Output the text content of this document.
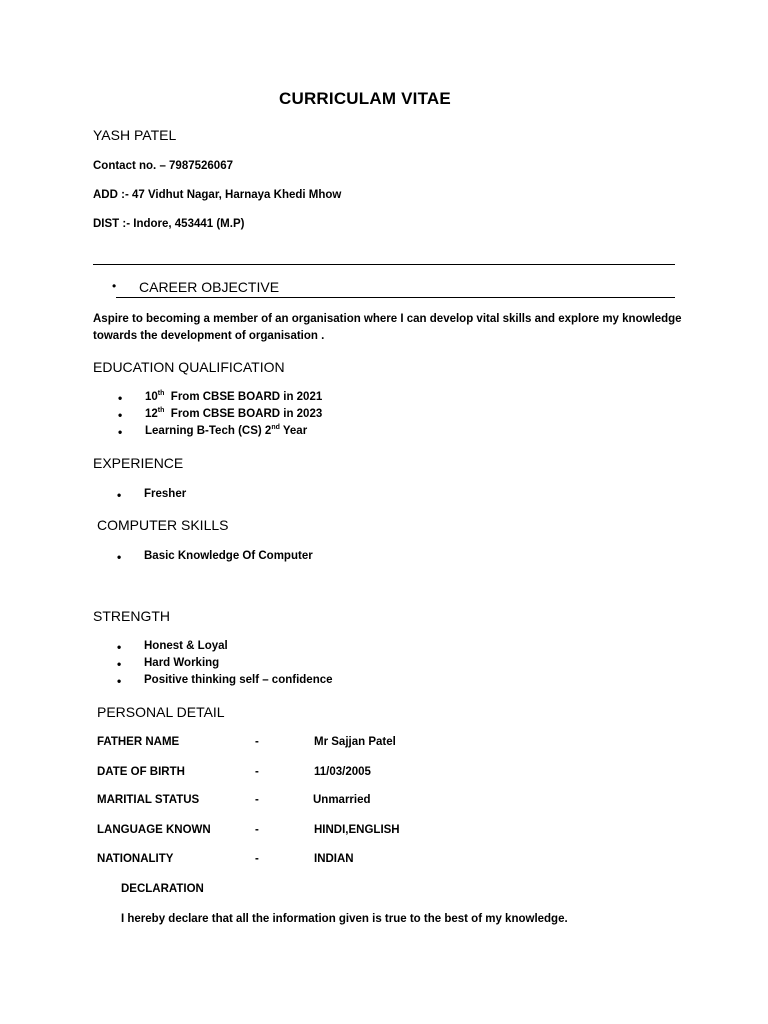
CURRICULAM VITAE
YASH PATEL
Contact no. – 7987526067
ADD :- 47 Vidhut Nagar, Harnaya Khedi Mhow
DIST :- Indore, 453441 (M.P)
• CAREER OBJECTIVE
Aspire to becoming a member of an organisation where I can develop vital skills and explore my knowledge
towards the development of organisation .
EDUCATION QUALIFICATION
• 10th  From CBSE BOARD in 2021
• 12th  From CBSE BOARD in 2023
• Learning B-Tech (CS) 2nd Year
EXPERIENCE
• Fresher
COMPUTER SKILLS
• Basic Knowledge Of Computer
STRENGTH
• Honest & Loyal
• Hard Working
• Positive thinking self – confidence
PERSONAL DETAIL
FATHER NAME	-	Mr Sajjan Patel
DATE OF BIRTH	-	11/03/2005
MARITIAL STATUS	-	Unmarried
LANGUAGE KNOWN	-	HINDI,ENGLISH
NATIONALITY	-	INDIAN
DECLARATION
I hereby declare that all the information given is true to the best of my knowledge.
